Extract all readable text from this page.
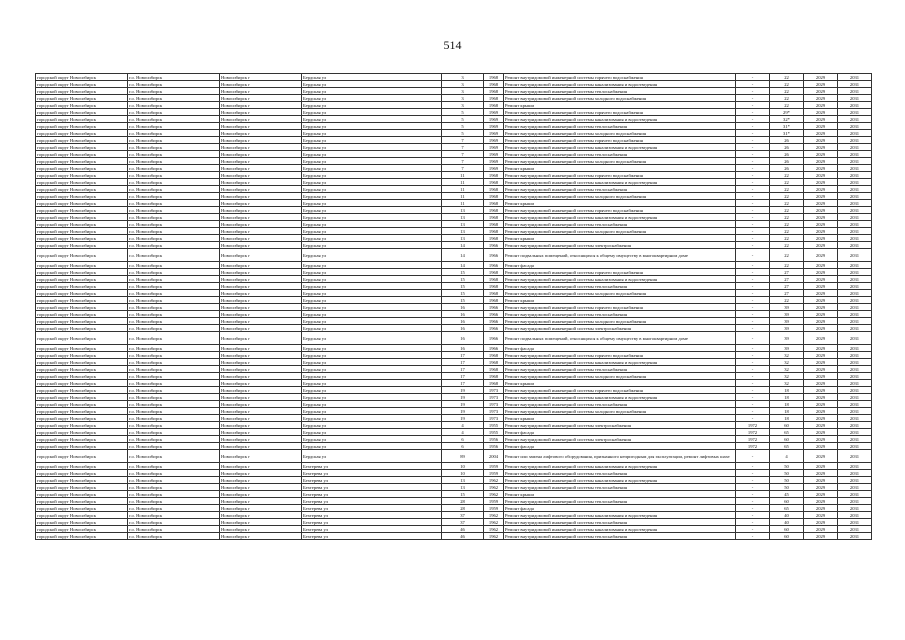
514
городской округ Новосибирск	г.о. Новосибирск	Новосибирск г	Бердская ул	3	1968	Ремонт внутридомовой инженерной системы горячего водоснабжения	-	22	2029	2031
городской округ Новосибирск	г.о. Новосибирск	Новосибирск г	Бердская ул	3	1968	Ремонт внутридомовой инженерной системы канализования и водоотведения	-	22	2029	2031
городской округ Новосибирск	г.о. Новосибирск	Новосибирск г	Бердская ул	3	1968	Ремонт внутридомовой инженерной системы теплоснабжения	-	22	2029	2031
городской округ Новосибирск	г.о. Новосибирск	Новосибирск г	Бердская ул	3	1968	Ремонт внутридомовой инженерной системы холодного водоснабжения	-	22	2029	2031
городской округ Новосибирск	г.о. Новосибирск	Новосибирск г	Бердская ул	3	1968	Ремонт крыши	-	22	2029	2031
городской округ Новосибирск	г.о. Новосибирск	Новосибирск г	Бердская ул	5	1969	Ремонт внутридомовой инженерной системы горячего водоснабжения	-	29*	2029	2031
городской округ Новосибирск	г.о. Новосибирск	Новосибирск г	Бердская ул	5	1969	Ремонт внутридомовой инженерной системы канализования и водоотведения	-	32*	2029	2031
городской округ Новосибирск	г.о. Новосибирск	Новосибирск г	Бердская ул	5	1969	Ремонт внутридомовой инженерной системы теплоснабжения	-	31*	2029	2031
городской округ Новосибирск	г.о. Новосибирск	Новосибирск г	Бердская ул	5	1969	Ремонт внутридомовой инженерной системы холодного водоснабжения	-	31*	2029	2031
городской округ Новосибирск	г.о. Новосибирск	Новосибирск г	Бердская ул	7	1969	Ремонт внутридомовой инженерной системы горячего водоснабжения	-	26	2029	2031
городской округ Новосибирск	г.о. Новосибирск	Новосибирск г	Бердская ул	7	1969	Ремонт внутридомовой инженерной системы канализования и водоотведения	-	26	2029	2031
городской округ Новосибирск	г.о. Новосибирск	Новосибирск г	Бердская ул	7	1969	Ремонт внутридомовой инженерной системы теплоснабжения	-	26	2029	2031
городской округ Новосибирск	г.о. Новосибирск	Новосибирск г	Бердская ул	7	1969	Ремонт внутридомовой инженерной системы холодного водоснабжения	-	26	2029	2031
городской округ Новосибирск	г.о. Новосибирск	Новосибирск г	Бердская ул	7	1969	Ремонт крыши	-	26	2029	2031
городской округ Новосибирск	г.о. Новосибирск	Новосибирск г	Бердская ул	11	1968	Ремонт внутридомовой инженерной системы горячего водоснабжения	-	22	2029	2031
городской округ Новосибирск	г.о. Новосибирск	Новосибирск г	Бердская ул	11	1968	Ремонт внутридомовой инженерной системы канализования и водоотведения	-	22	2029	2031
городской округ Новосибирск	г.о. Новосибирск	Новосибирск г	Бердская ул	11	1968	Ремонт внутридомовой инженерной системы теплоснабжения	-	22	2029	2031
городской округ Новосибирск	г.о. Новосибирск	Новосибирск г	Бердская ул	11	1968	Ремонт внутридомовой инженерной системы холодного водоснабжения	-	22	2029	2031
городской округ Новосибирск	г.о. Новосибирск	Новосибирск г	Бердская ул	11	1968	Ремонт крыши	-	22	2029	2031
городской округ Новосибирск	г.о. Новосибирск	Новосибирск г	Бердская ул	13	1968	Ремонт внутридомовой инженерной системы горячего водоснабжения	-	22	2029	2031
городской округ Новосибирск	г.о. Новосибирск	Новосибирск г	Бердская ул	13	1968	Ремонт внутридомовой инженерной системы канализования и водоотведения	-	22	2029	2031
городской округ Новосибирск	г.о. Новосибирск	Новосибирск г	Бердская ул	13	1968	Ремонт внутридомовой инженерной системы теплоснабжения	-	22	2029	2031
городской округ Новосибирск	г.о. Новосибирск	Новосибирск г	Бердская ул	13	1968	Ремонт внутридомовой инженерной системы холодного водоснабжения	-	22	2029	2031
городской округ Новосибирск	г.о. Новосибирск	Новосибирск г	Бердская ул	13	1968	Ремонт крыши	-	22	2029	2031
городской округ Новосибирск	г.о. Новосибирск	Новосибирск г	Бердская ул	14	1966	Ремонт внутридомовой инженерной системы электроснабжения	-	22	2029	2031
городской округ Новосибирск	г.о. Новосибирск	Новосибирск г	Бердская ул	14	1966	Ремонт подвальных помещений, относящихся к общему имуществу в многоквартирном доме	-	22	2029	2031
городской округ Новосибирск	г.о. Новосибирск	Новосибирск г	Бердская ул	14	1966	Ремонт фасада	-	22	2029	2031
городской округ Новосибирск	г.о. Новосибирск	Новосибирск г	Бердская ул	15	1968	Ремонт внутридомовой инженерной системы горячего водоснабжения	-	27	2029	2031
городской округ Новосибирск	г.о. Новосибирск	Новосибирск г	Бердская ул	15	1968	Ремонт внутридомовой инженерной системы канализования и водоотведения	-	27	2029	2031
городской округ Новосибирск	г.о. Новосибирск	Новосибирск г	Бердская ул	15	1968	Ремонт внутридомовой инженерной системы теплоснабжения	-	27	2029	2031
городской округ Новосибирск	г.о. Новосибирск	Новосибирск г	Бердская ул	15	1968	Ремонт внутридомовой инженерной системы холодного водоснабжения	-	27	2029	2031
городской округ Новосибирск	г.о. Новосибирск	Новосибирск г	Бердская ул	15	1968	Ремонт крыши	-	22	2029	2031
городской округ Новосибирск	г.о. Новосибирск	Новосибирск г	Бердская ул	16	1966	Ремонт внутридомовой инженерной системы горячего водоснабжения	-	39	2029	2031
городской округ Новосибирск	г.о. Новосибирск	Новосибирск г	Бердская ул	16	1966	Ремонт внутридомовой инженерной системы теплоснабжения	-	39	2029	2031
городской округ Новосибирск	г.о. Новосибирск	Новосибирск г	Бердская ул	16	1966	Ремонт внутридомовой инженерной системы холодного водоснабжения	-	39	2029	2031
городской округ Новосибирск	г.о. Новосибирск	Новосибирск г	Бердская ул	16	1966	Ремонт внутридомовой инженерной системы электроснабжения	-	39	2029	2031
городской округ Новосибирск	г.о. Новосибирск	Новосибирск г	Бердская ул	16	1966	Ремонт подвальных помещений, относящихся к общему имуществу в многоквартирном доме	-	39	2029	2031
городской округ Новосибирск	г.о. Новосибирск	Новосибирск г	Бердская ул	16	1966	Ремонт фасада	-	39	2029	2031
городской округ Новосибирск	г.о. Новосибирск	Новосибирск г	Бердская ул	17	1968	Ремонт внутридомовой инженерной системы горячего водоснабжения	-	32	2029	2031
городской округ Новосибирск	г.о. Новосибирск	Новосибирск г	Бердская ул	17	1968	Ремонт внутридомовой инженерной системы канализования и водоотведения	-	32	2029	2031
городской округ Новосибирск	г.о. Новосибирск	Новосибирск г	Бердская ул	17	1968	Ремонт внутридомовой инженерной системы теплоснабжения	-	32	2029	2031
городской округ Новосибирск	г.о. Новосибирск	Новосибирск г	Бердская ул	17	1968	Ремонт внутридомовой инженерной системы холодного водоснабжения	-	32	2029	2031
городской округ Новосибирск	г.о. Новосибирск	Новосибирск г	Бердская ул	17	1968	Ремонт крыши	-	32	2029	2031
городской округ Новосибирск	г.о. Новосибирск	Новосибирск г	Бердская ул	19	1973	Ремонт внутридомовой инженерной системы горячего водоснабжения	-	18	2029	2031
городской округ Новосибирск	г.о. Новосибирск	Новосибирск г	Бердская ул	19	1973	Ремонт внутридомовой инженерной системы канализования и водоотведения	-	18	2029	2031
городской округ Новосибирск	г.о. Новосибирск	Новосибирск г	Бердская ул	19	1973	Ремонт внутридомовой инженерной системы теплоснабжения	-	18	2029	2031
городской округ Новосибирск	г.о. Новосибирск	Новосибирск г	Бердская ул	19	1973	Ремонт внутридомовой инженерной системы холодного водоснабжения	-	18	2029	2031
городской округ Новосибирск	г.о. Новосибирск	Новосибирск г	Бердская ул	19	1973	Ремонт крыши	-	18	2029	2031
городской округ Новосибирск	г.о. Новосибирск	Новосибирск г	Бердская ул	4	1955	Ремонт внутридомовой инженерной системы электроснабжения	1972	60	2029	2031
городской округ Новосибирск	г.о. Новосибирск	Новосибирск г	Бердская ул	4	1955	Ремонт фасада	1972	65	2029	2031
городской округ Новосибирск	г.о. Новосибирск	Новосибирск г	Бердская ул	6	1956	Ремонт внутридомовой инженерной системы электроснабжения	1972	60	2029	2031
городской округ Новосибирск	г.о. Новосибирск	Новосибирск г	Бердская ул	6	1956	Ремонт фасада	1972	65	2029	2031
городской округ Новосибирск	г.о. Новосибирск	Новосибирск г	Бердская ул	89	2004	Ремонт или замена лифтового оборудования, признанного непригодным для эксплуатации, ремонт лифтовых шахт	-	4	2029	2031
городской округ Новосибирск	г.о. Новосибирск	Новосибирск г	Бехтерева ул	10	1959	Ремонт внутридомовой инженерной системы канализования и водоотведения	-	50	2029	2031
городской округ Новосибирск	г.о. Новосибирск	Новосибирск г	Бехтерева ул	10	1959	Ремонт внутридомовой инженерной системы теплоснабжения	-	50	2029	2031
городской округ Новосибирск	г.о. Новосибирск	Новосибирск г	Бехтерева ул	13	1962	Ремонт внутридомовой инженерной системы канализования и водоотведения	-	50	2029	2031
городской округ Новосибирск	г.о. Новосибирск	Новосибирск г	Бехтерева ул	13	1962	Ремонт внутридомовой инженерной системы теплоснабжения	-	50	2029	2031
городской округ Новосибирск	г.о. Новосибирск	Новосибирск г	Бехтерева ул	15	1962	Ремонт крыши	-	45	2029	2031
городской округ Новосибирск	г.о. Новосибирск	Новосибирск г	Бехтерева ул	28	1959	Ремонт внутридомовой инженерной системы теплоснабжения	-	60	2029	2031
городской округ Новосибирск	г.о. Новосибирск	Новосибирск г	Бехтерева ул	28	1959	Ремонт фасада	-	65	2029	2031
городской округ Новосибирск	г.о. Новосибирск	Новосибирск г	Бехтерева ул	37	1962	Ремонт внутридомовой инженерной системы канализования и водоотведения	-	40	2029	2031
городской округ Новосибирск	г.о. Новосибирск	Новосибирск г	Бехтерева ул	37	1962	Ремонт внутридомовой инженерной системы теплоснабжения	-	40	2029	2031
городской округ Новосибирск	г.о. Новосибирск	Новосибирск г	Бехтерева ул	46	1962	Ремонт внутридомовой инженерной системы канализования и водоотведения	-	60	2029	2031
городской округ Новосибирск	г.о. Новосибирск	Новосибирск г	Бехтерева ул	46	1962	Ремонт внутридомовой инженерной системы теплоснабжения	-	60	2029	2031
